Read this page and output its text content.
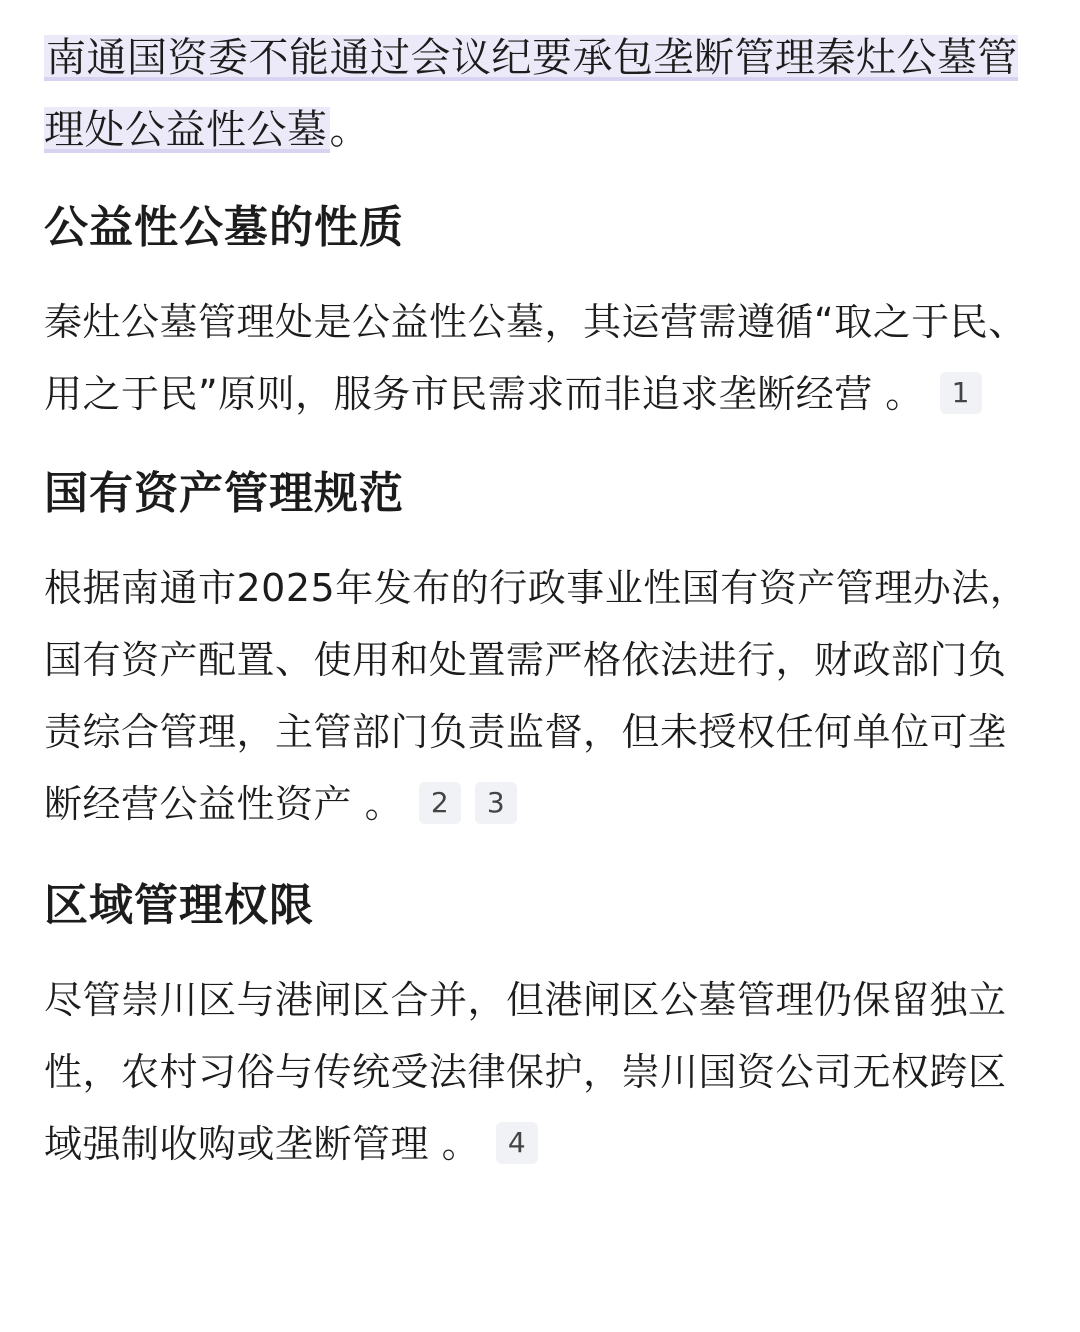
南通国资委不能通过会议纪要承包垄断管理秦灶公墓管理处公益性公墓。

公益性公墓的性质

秦灶公墓管理处是公益性公墓，其运营需遵循“取之于民、用之于民”原则，服务市民需求而非追求垄断经营 。 1

国有资产管理规范

根据南通市2025年发布的行政事业性国有资产管理办法，国有资产配置、使用和处置需严格依法进行，财政部门负责综合管理，主管部门负责监督，但未授权任何单位可垄断经营公益性资产 。 2 3

区域管理权限

尽管崇川区与港闸区合并，但港闸区公墓管理仍保留独立性，农村习俗与传统受法律保护，崇川国资公司无权跨区域强制收购或垄断管理 。 4
